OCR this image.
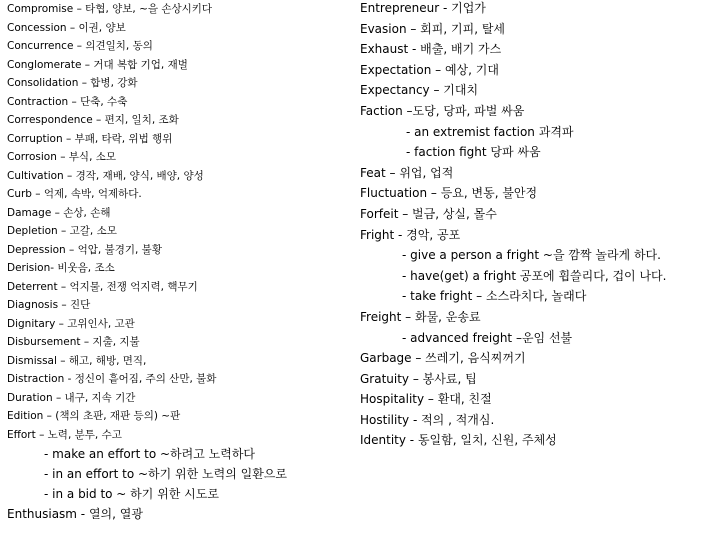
Compromise – 타협, 양보, ~을 손상시키다
Concession – 이권, 양보
Concurrence – 의견일치, 동의
Conglomerate – 거대 복합 기업, 재벌
Consolidation – 합병, 강화
Contraction – 단축, 수축
Correspondence – 편지, 일치, 조화
Corruption – 부패, 타락, 위법 행위
Corrosion – 부식, 소모
Cultivation – 경작, 재배, 양식, 배양, 양성
Curb – 억제, 속박, 억제하다.
Damage – 손상, 손해
Depletion – 고갈, 소모
Depression – 억압, 불경기, 불황
Derision- 비웃음, 조소
Deterrent – 억지물, 전쟁 억지력, 핵무기
Diagnosis – 진단
Dignitary – 고위인사, 고관
Disbursement – 지출, 지불
Dismissal – 해고, 해방, 면직,
Distraction - 정신이 흩어짐, 주의 산만, 불화
Duration – 내구, 지속 기간
Edition – (책의 초판, 재판 등의) ~판
Effort – 노력, 분투, 수고
- make an effort to ~하려고 노력하다
- in an effort to ~하기 위한 노력의 일환으로
- in a bid to ~ 하기 위한 시도로
Enthusiasm - 열의, 열광
Entrepreneur - 기업가
Evasion – 회피, 기피, 탈세
Exhaust - 배출, 배기 가스
Expectation – 예상, 기대
Expectancy – 기대치
Faction –도당, 당파, 파벌 싸움
- an extremist faction 과격파
- faction fight 당파 싸움
Feat – 위업, 업적
Fluctuation – 등요, 변동, 불안정
Forfeit – 벌금, 상실, 몰수
Fright - 경악, 공포
- give a person a fright ~을 깜짝 놀라게 하다.
- have(get) a fright 공포에 휩쓸리다, 겁이 나다.
- take fright – 소스라치다, 놀래다
Freight – 화물, 운송료
- advanced freight –운임 선불
Garbage – 쓰레기, 음식찌꺼기
Gratuity – 봉사료, 팁
Hospitality – 환대, 친절
Hostility - 적의 , 적개심.
Identity - 동일함, 일치, 신원, 주체성
